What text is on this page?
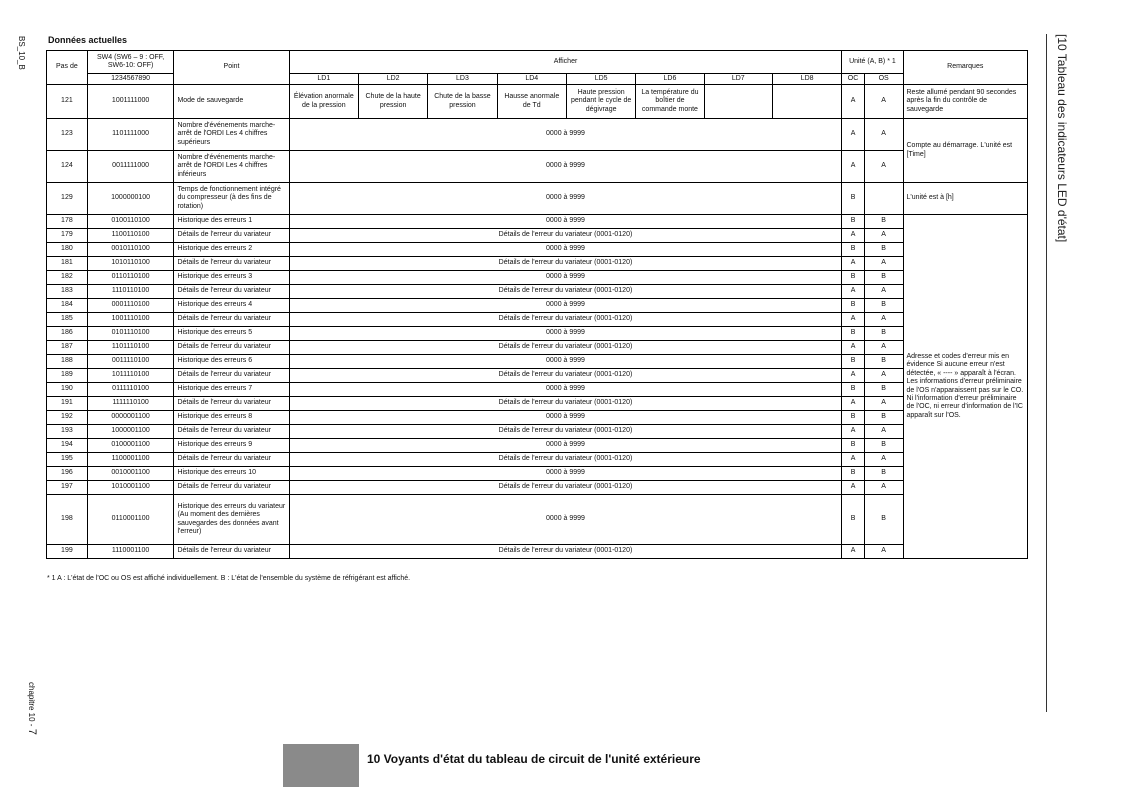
BS_10_B Données actuelles	[10 Tableau des indicateurs LED d'état]
Pas de	SW4 (SW6 – 9 : OFF, SW6-10: OFF)	Point	Afficher								Unité (A, B) * 1		Remarques
	1234567890		LD1	LD2	LD3	LD4	LD5	LD6	LD7	LD8	OC	OS	
121	1001111000	Mode de sauvegarde	Élévation anormale de la pression	Chute de la haute pression	Chute de la basse pression	Hausse anormale de Td	Haute pression pendant le cycle de dégivrage	La température du boîtier de commande monte			A	A	Reste allumé pendant 90 secondes après la fin du contrôle de sauvegarde
123	1101111000	Nombre d'événements marche-arrêt de l'ORDI Les 4 chiffres supérieurs	0000 à 9999								A	A	Compte au démarrage. L'unité est [Time]
124	0011111000	Nombre d'événements marche-arrêt de l'ORDI Les 4 chiffres inférieurs	0000 à 9999								A	A	
129	1000000100	Temps de fonctionnement intégré du compresseur (à des fins de rotation)	0000 à 9999								B		L'unité est à [h]
178	0100110100	Historique des erreurs 1	0000 à 9999								B	B	Adresse et codes d'erreur mis en évidence Si aucune erreur n'est détectée, « ---- » apparaît à l'écran. Les informations d'erreur préliminaire de l'OS n'apparaissent pas sur le CO. Ni l'information d'erreur préliminaire de l'OC, ni erreur d'information de l'IC apparaît sur l'OS.
179	1100110100	Détails de l'erreur du variateur	Détails de l'erreur du variateur (0001-0120)								A	A	
180	0010110100	Historique des erreurs 2	0000 à 9999								B	B	
181	1010110100	Détails de l'erreur du variateur	Détails de l'erreur du variateur (0001-0120)								A	A	
182	0110110100	Historique des erreurs 3	0000 à 9999								B	B	
183	1110110100	Détails de l'erreur du variateur	Détails de l'erreur du variateur (0001-0120)								A	A	
184	0001110100	Historique des erreurs 4	0000 à 9999								B	B	
185	1001110100	Détails de l'erreur du variateur	Détails de l'erreur du variateur (0001-0120)								A	A	
186	0101110100	Historique des erreurs 5	0000 à 9999								B	B	
187	1101110100	Détails de l'erreur du variateur	Détails de l'erreur du variateur (0001-0120)								A	A	
188	0011110100	Historique des erreurs 6	0000 à 9999								B	B	
189	1011110100	Détails de l'erreur du variateur	Détails de l'erreur du variateur (0001-0120)								A	A	
190	0111110100	Historique des erreurs 7	0000 à 9999								B	B	
191	1111110100	Détails de l'erreur du variateur	Détails de l'erreur du variateur (0001-0120)								A	A	
192	0000001100	Historique des erreurs 8	0000 à 9999								B	B	
193	1000001100	Détails de l'erreur du variateur	Détails de l'erreur du variateur (0001-0120)								A	A	
194	0100001100	Historique des erreurs 9	0000 à 9999								B	B	
195	1100001100	Détails de l'erreur du variateur	Détails de l'erreur du variateur (0001-0120)								A	A	
196	0010001100	Historique des erreurs 10	0000 à 9999								B	B	
197	1010001100	Détails de l'erreur du variateur	Détails de l'erreur du variateur (0001-0120)								A	A	
198	0110001100	Historique des erreurs du variateur (Au moment des dernières sauvegardes des données avant l'erreur)	0000 à 9999								B	B	
199	1110001100	Détails de l'erreur du variateur	Détails de l'erreur du variateur (0001-0120)								A	A	
* 1 A : L'état de l'OC ou OS est affiché individuellement. B : L'état de l'ensemble du système de réfrigérant est affiché.
chapitre 10 - 7
10 Voyants d'état du tableau de circuit de l'unité extérieure
